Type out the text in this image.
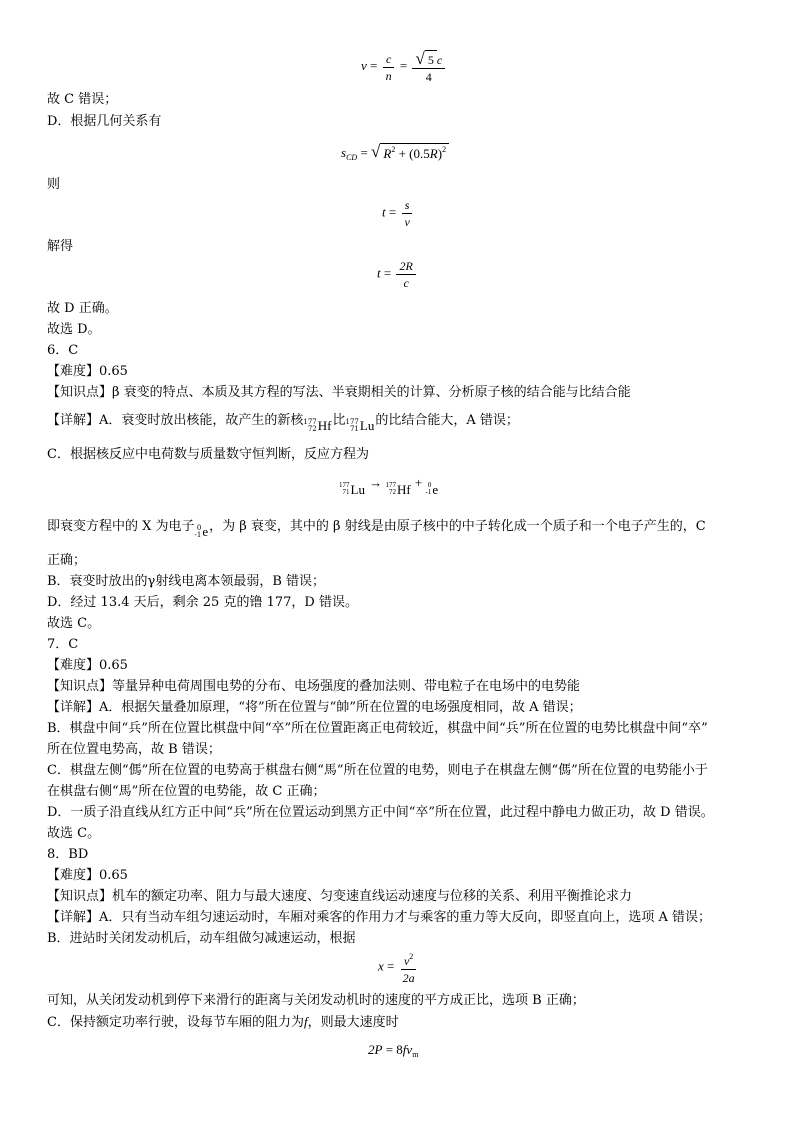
$v = \frac{c}{n} = \frac{√ 5 c}{4}$
故 C 错误；
D．根据几何关系有
$s_{CD}$ = √ $R^2 + (0.5R)^2$
则
$t = \frac{s}{v}$
解得
$t = \frac{2R}{c}$
故 D 正确。
故选 D。
6．C
【难度】0.65
【知识点】β 衰变的特点、本质及其方程的写法、半衰期相关的计算、分析原子核的结合能与比结合能
【详解】A．衰变时放出核能，故产生的新核 177
72 Hf 比 177
71 Lu 的比结合能大，A 错误；
C．根据核反应中电荷数与质量数守恒判断，反应方程为
177
71 Lu → 177
72 Hf + 0
-1 e
即衰变方程中的 X 为电子 0
-1 e ，为 β 衰变，其中的 β 射线是由原子核中的中子转化成一个质子和一个电子产生的，C
正确；
B．衰变时放出的γ射线电离本领最弱，B 错误；
D．经过 13.4 天后，剩余 25 克的镥 177，D 错误。
故选 C。
7．C
【难度】0.65
【知识点】等量异种电荷周围电势的分布、电场强度的叠加法则、带电粒子在电场中的电势能
【详解】A．根据矢量叠加原理，“将”所在位置与“帥”所在位置的电场强度相同，故 A 错误；
B．棋盘中间“兵”所在位置比棋盘中间“卒”所在位置距离正电荷较近，棋盘中间“兵”所在位置的电势比棋盘中间“卒”
所在位置电势高，故 B 错误；
C．棋盘左侧“傌”所在位置的电势高于棋盘右侧“馬”所在位置的电势，则电子在棋盘左侧“傌”所在位置的电势能小于
在棋盘右侧“馬”所在位置的电势能，故 C 正确；
D．一质子沿直线从红方正中间“兵”所在位置运动到黑方正中间“卒”所在位置，此过程中静电力做正功，故 D 错误。
故选 C。
8．BD
【难度】0.65
【知识点】机车的额定功率、阻力与最大速度、匀变速直线运动速度与位移的关系、利用平衡推论求力
【详解】A．只有当动车组匀速运动时，车厢对乘客的作用力才与乘客的重力等大反向，即竖直向上，选项 A 错误；
B．进站时关闭发动机后，动车组做匀减速运动，根据
$x = \frac{v^2}{2a}$
可知，从关闭发动机到停下来滑行的距离与关闭发动机时的速度的平方成正比，选项 B 正确；
C．保持额定功率行驶，设每节车厢的阻力为f，则最大速度时
$2P = 8fv_m$
